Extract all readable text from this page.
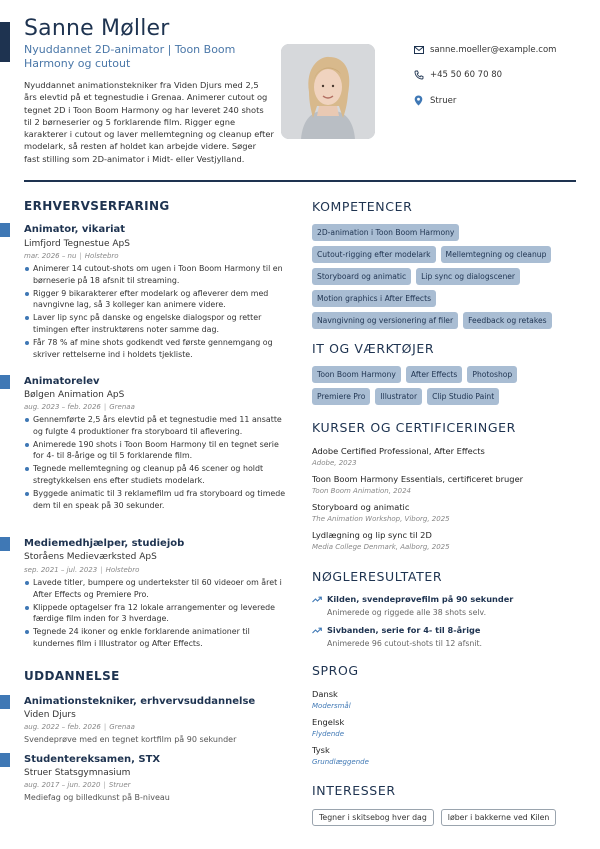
Sanne Møller
Nyuddannet 2D-animator | Toon Boom Harmony og cutout

Nyuddannet animationstekniker fra Viden Djurs med 2,5 års elevtid på et tegnestudie i Grenaa. Animerer cutout og tegnet 2D i Toon Boom Harmony og har leveret 240 shots til 2 børneserier og 5 forklarende film. Rigger egne karakterer i cutout og laver mellemtegning og cleanup efter modelark, så resten af holdet kan arbejde videre. Søger fast stilling som 2D-animator i Midt- eller Vestjylland.

sanne.moeller@example.com
+45 50 60 70 80
Struer
ERHVERVSERFARING
Animator, vikariat
Limfjord Tegnestue ApS
mar. 2026 – nu | Holstebro
Animerer 14 cutout-shots om ugen i Toon Boom Harmony til en børneserie på 18 afsnit til streaming.
Rigger 9 bikarakterer efter modelark og afleverer dem med navngivne lag, så 3 kolleger kan animere videre.
Laver lip sync på danske og engelske dialogspor og retter timingen efter instruktørens noter samme dag.
Får 78 % af mine shots godkendt ved første gennemgang og skriver rettelserne ind i holdets tjekliste.
Animatorelev
Bølgen Animation ApS
aug. 2023 – feb. 2026 | Grenaa
Gennemførte 2,5 års elevtid på et tegnestudie med 11 ansatte og fulgte 4 produktioner fra storyboard til aflevering.
Animerede 190 shots i Toon Boom Harmony til en tegnet serie for 4- til 8-årige og til 5 forklarende film.
Tegnede mellemtegning og cleanup på 46 scener og holdt stregtykkelsen ens efter studiets modelark.
Byggede animatic til 3 reklamefilm ud fra storyboard og timede dem til en speak på 30 sekunder.
Mediemedhjælper, studiejob
Storåens Medieværksted ApS
sep. 2021 – jul. 2023 | Holstebro
Lavede titler, bumpere og undertekster til 60 videoer om året i After Effects og Premiere Pro.
Klippede optagelser fra 12 lokale arrangementer og leverede færdige film inden for 3 hverdage.
Tegnede 24 ikoner og enkle forklarende animationer til kundernes film i Illustrator og After Effects.
UDDANNELSE
Animationstekniker, erhvervsuddannelse
Viden Djurs
aug. 2022 – feb. 2026 | Grenaa
Svendeprøve med en tegnet kortfilm på 90 sekunder
Studentereksamen, STX
Struer Statsgymnasium
aug. 2017 – jun. 2020 | Struer
Mediefag og billedkunst på B-niveau
KOMPETENCER
2D-animation i Toon Boom Harmony
Cutout-rigging efter modelark	Mellemtegning og cleanup
Storyboard og animatic	Lip sync og dialogscener
Motion graphics i After Effects
Navngivning og versionering af filer	Feedback og retakes
IT OG VÆRKTØJER
Toon Boom Harmony	After Effects	Photoshop
Premiere Pro	Illustrator	Clip Studio Paint
KURSER OG CERTIFICERINGER
Adobe Certified Professional, After Effects
Adobe, 2023
Toon Boom Harmony Essentials, certificeret bruger
Toon Boom Animation, 2024
Storyboard og animatic
The Animation Workshop, Viborg, 2025
Lydlægning og lip sync til 2D
Media College Denmark, Aalborg, 2025
NØGLERESULTATER
Kilden, svendeprøvefilm på 90 sekunder
Animerede og riggede alle 38 shots selv.
Sivbanden, serie for 4- til 8-årige
Animerede 96 cutout-shots til 12 afsnit.
SPROG
Dansk
Modersmål
Engelsk
Flydende
Tysk
Grundlæggende
INTERESSER
Tegner i skitsebog hver dag	løber i bakkerne ved Kilen
